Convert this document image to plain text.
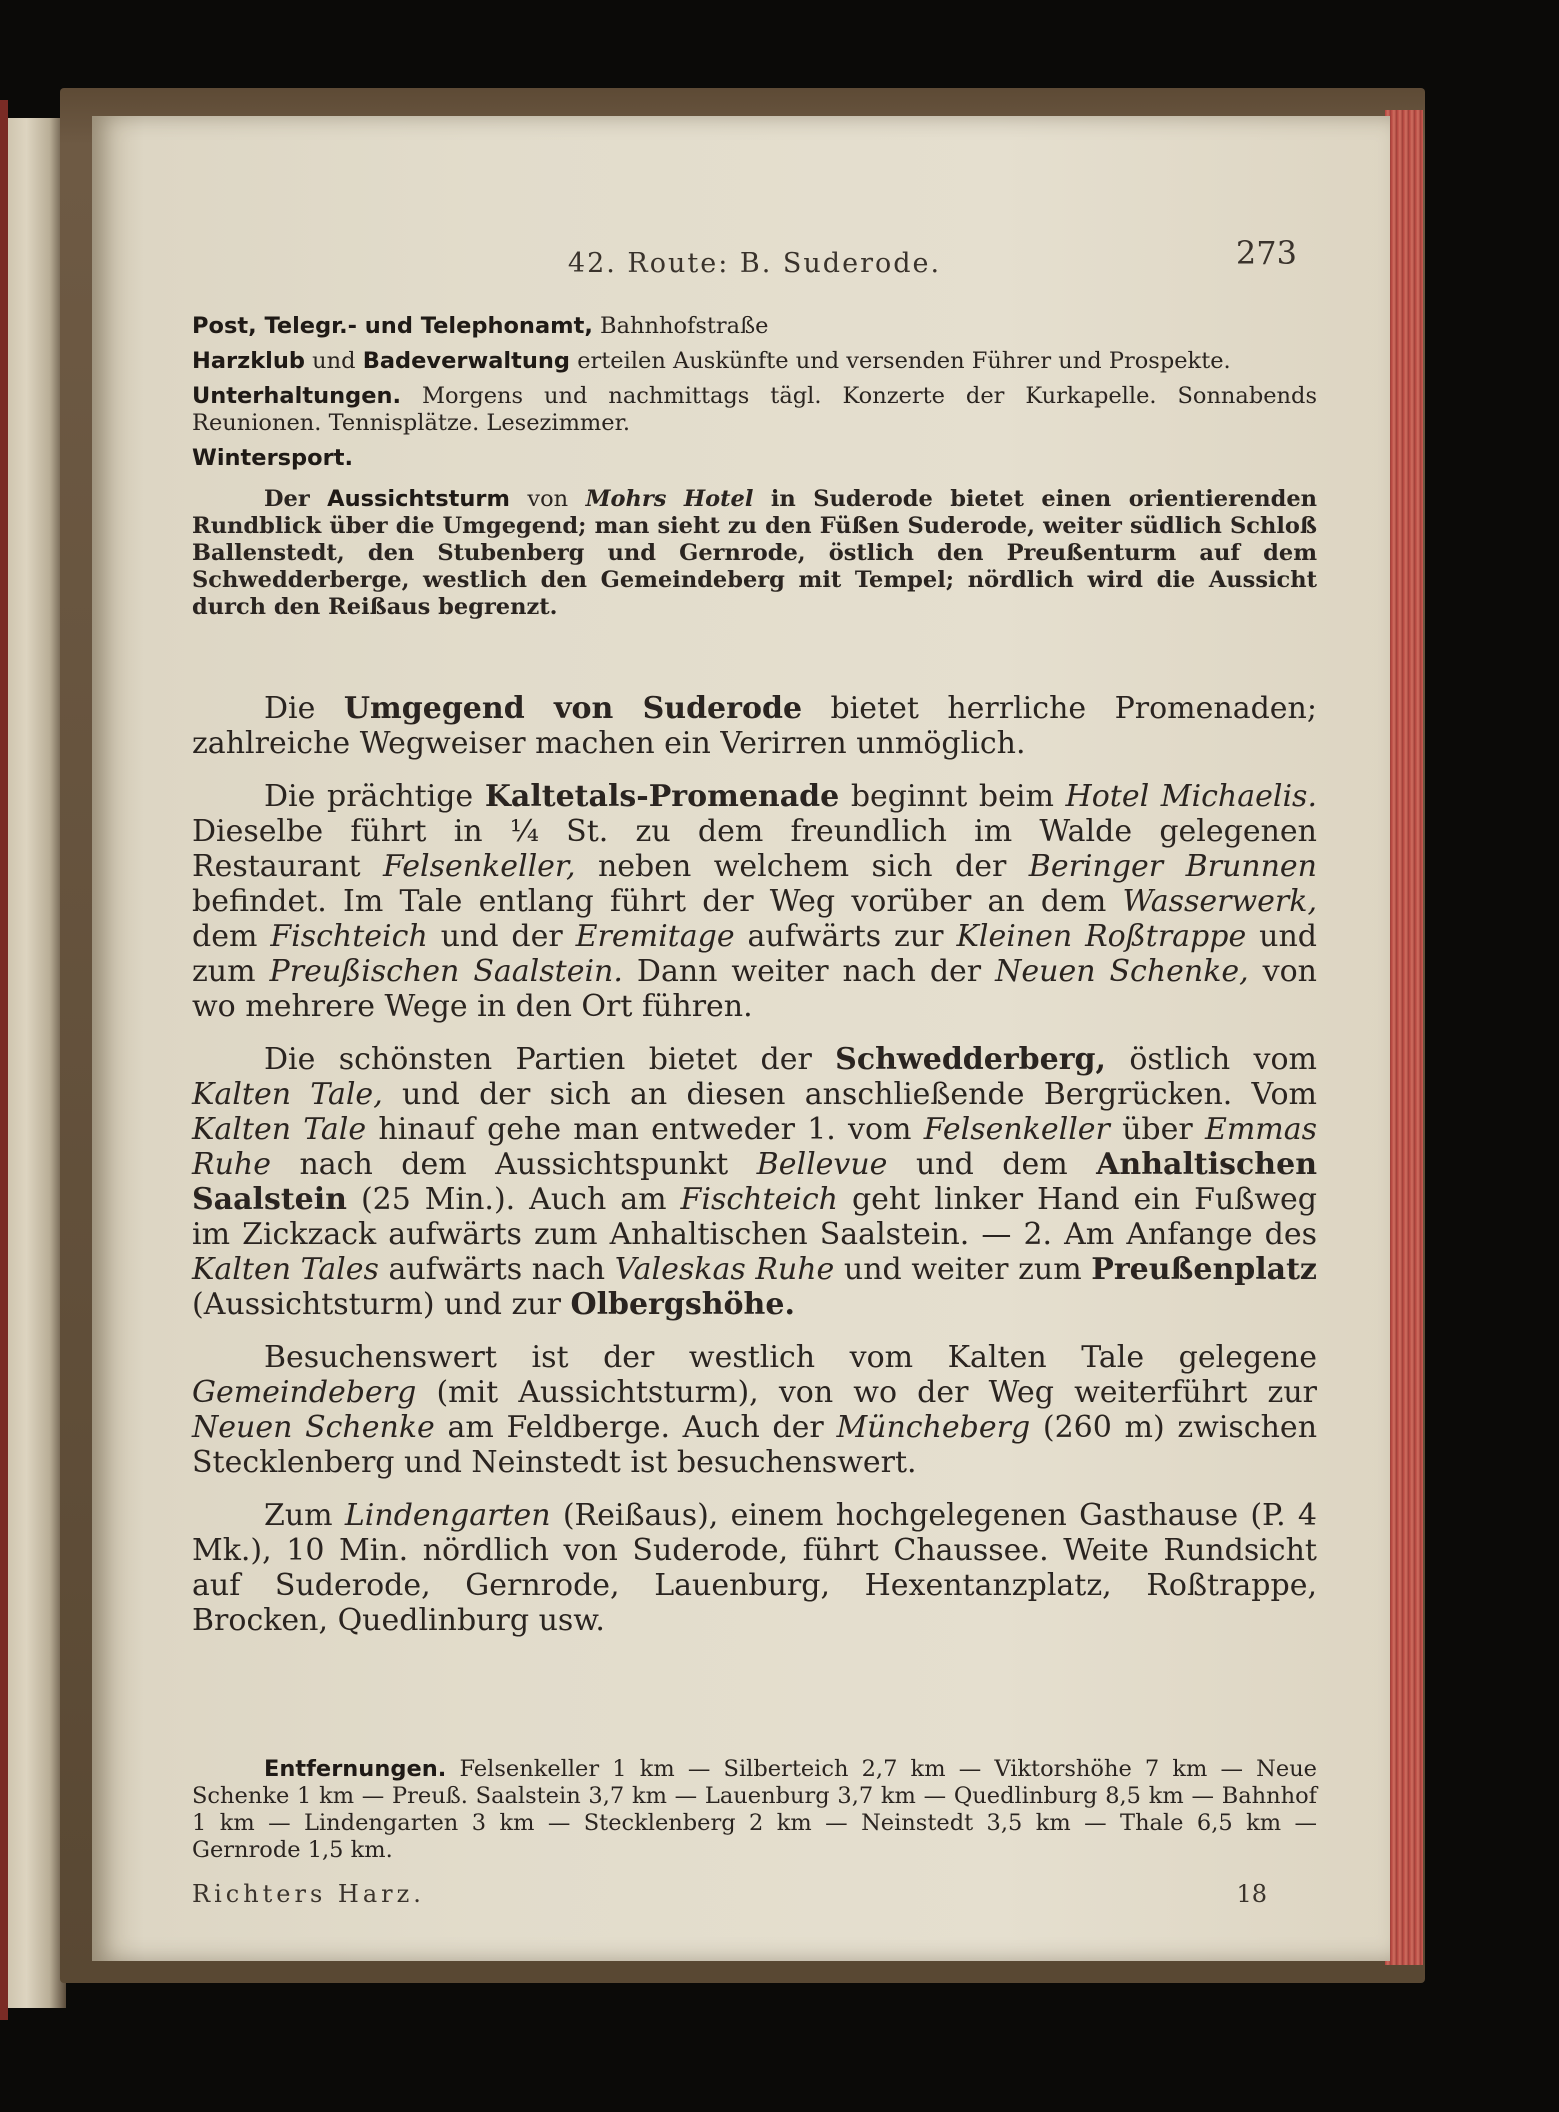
42. Route: B. Suderode.	273

Post, Telegr.- und Telephonamt, Bahnhofstraße

Harzklub und Badeverwaltung erteilen Auskünfte und versenden Führer und Prospekte.

Unterhaltungen. Morgens und nachmittags tägl. Konzerte der Kurkapelle. Sonnabends Reunionen. Tennisplätze. Lesezimmer.

Wintersport.

Der Aussichtsturm von Mohrs Hotel in Suderode bietet einen orientierenden Rundblick über die Umgegend; man sieht zu den Füßen Suderode, weiter südlich Schloß Ballenstedt, den Stubenberg und Gernrode, östlich den Preußenturm auf dem Schwedderberge, westlich den Gemeindeberg mit Tempel; nördlich wird die Aussicht durch den Reißaus begrenzt.

Die Umgegend von Suderode bietet herrliche Promenaden; zahlreiche Wegweiser machen ein Verirren unmöglich.

Die prächtige Kaltetals-Promenade beginnt beim Hotel Michaelis. Dieselbe führt in ¼ St. zu dem freundlich im Walde gelegenen Restaurant Felsenkeller, neben welchem sich der Beringer Brunnen befindet. Im Tale entlang führt der Weg vorüber an dem Wasserwerk, dem Fischteich und der Eremitage aufwärts zur Kleinen Roßtrappe und zum Preußischen Saalstein. Dann weiter nach der Neuen Schenke, von wo mehrere Wege in den Ort führen.

Die schönsten Partien bietet der Schwedderberg, östlich vom Kalten Tale, und der sich an diesen anschließende Bergrücken. Vom Kalten Tale hinauf gehe man entweder 1. vom Felsenkeller über Emmas Ruhe nach dem Aussichtspunkt Bellevue und dem Anhaltischen Saalstein (25 Min.). Auch am Fischteich geht linker Hand ein Fußweg im Zickzack aufwärts zum Anhaltischen Saalstein. — 2. Am Anfange des Kalten Tales aufwärts nach Valeskas Ruhe und weiter zum Preußenplatz (Aussichtsturm) und zur Olbergshöhe.

Besuchenswert ist der westlich vom Kalten Tale gelegene Gemeindeberg (mit Aussichtsturm), von wo der Weg weiterführt zur Neuen Schenke am Feldberge. Auch der Müncheberg (260 m) zwischen Stecklenberg und Neinstedt ist besuchenswert.

Zum Lindengarten (Reißaus), einem hochgelegenen Gasthause (P. 4 Mk.), 10 Min. nördlich von Suderode, führt Chaussee. Weite Rundsicht auf Suderode, Gernrode, Lauenburg, Hexentanzplatz, Roßtrappe, Brocken, Quedlinburg usw.

Entfernungen. Felsenkeller 1 km — Silberteich 2,7 km — Viktorshöhe 7 km — Neue Schenke 1 km — Preuß. Saalstein 3,7 km — Lauenburg 3,7 km — Quedlinburg 8,5 km — Bahnhof 1 km — Lindengarten 3 km — Stecklenberg 2 km — Neinstedt 3,5 km — Thale 6,5 km — Gernrode 1,5 km.

Richters Harz.	18
